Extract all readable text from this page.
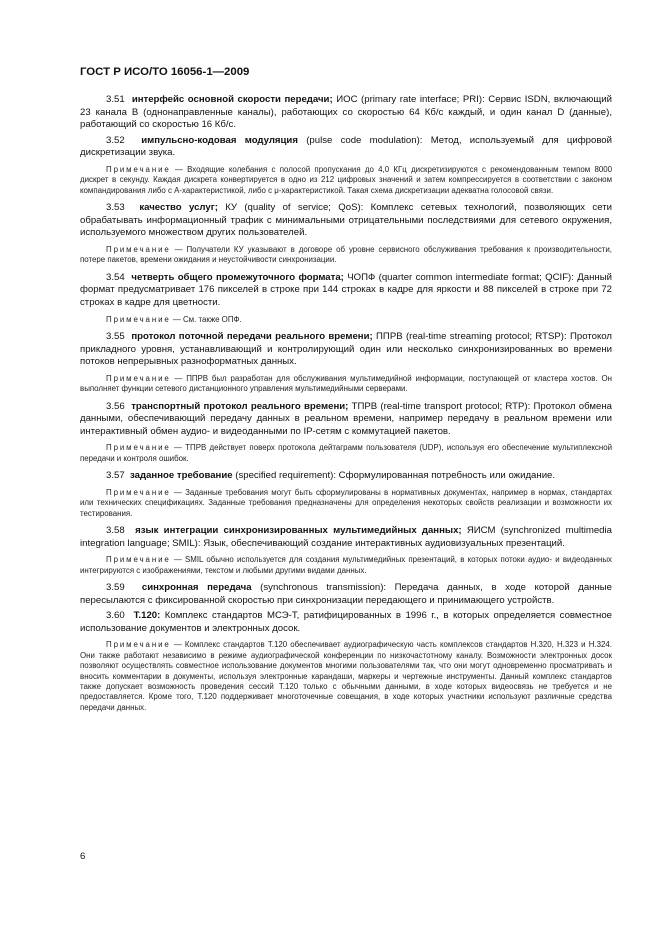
ГОСТ Р ИСО/ТО 16056-1—2009

3.51 интерфейс основной скорости передачи; ИОС (primary rate interface; PRI): Сервис ISDN, включающий 23 канала B (однонаправленные каналы), работающих со скоростью 64 Кб/с каждый, и один канал D (данные), работающий со скоростью 16 Кб/с.

3.52 импульсно-кодовая модуляция (pulse code modulation): Метод, используемый для цифровой дискретизации звука.

Примечание — Входящие колебания с полосой пропускания до 4,0 КГц дискретизируются с рекомендованным темпом 8000 дискрет в секунду. Каждая дискрета конвертируется в одно из 212 цифровых значений и затем компрессируется в соответствии с законом компандирования либо с A-характеристикой, либо с μ-характеристикой. Такая схема дискретизации адекватна голосовой связи.

3.53 качество услуг; КУ (quality of service; QoS): Комплекс сетевых технологий, позволяющих сети обрабатывать информационный трафик с минимальными отрицательными последствиями для сетевого окружения, используемого множеством других пользователей.

Примечание — Получатели КУ указывают в договоре об уровне сервисного обслуживания требования к производительности, потере пакетов, времени ожидания и неустойчивости синхронизации.

3.54 четверть общего промежуточного формата; ЧОПФ (quarter common intermediate format; QCIF): Данный формат предусматривает 176 пикселей в строке при 144 строках в кадре для яркости и 88 пикселей в строке при 72 строках в кадре для цветности.

Примечание — См. также ОПФ.

3.55 протокол поточной передачи реального времени; ППРВ (real-time streaming protocol; RTSP): Протокол прикладного уровня, устанавливающий и контролирующий один или несколько синхронизированных во времени потоков непрерывных разноформатных данных.

Примечание — ППРВ был разработан для обслуживания мультимедийной информации, поступающей от кластера хостов. Он выполняет функции сетевого дистанционного управления мультимедийными серверами.

3.56 транспортный протокол реального времени; ТПРВ (real-time transport protocol; RTP): Протокол обмена данными, обеспечивающий передачу данных в реальном времени, например передачу в реальном времени или интерактивный обмен аудио- и видеоданными по IP-сетям с коммутацией пакетов.

Примечание — ТПРВ действует поверх протокола дейтаграмм пользователя (UDP), используя его обеспечение мультиплексной передачи и контроля ошибок.

3.57 заданное требование (specified requirement): Сформулированная потребность или ожидание.

Примечание — Заданные требования могут быть сформулированы в нормативных документах, например в нормах, стандартах или технических спецификациях. Заданные требования предназначены для определения некоторых свойств реализации и возможности их тестирования.

3.58 язык интеграции синхронизированных мультимедийных данных; ЯИСМ (synchronized multimedia integration language; SMIL): Язык, обеспечивающий создание интерактивных аудиовизуальных презентаций.

Примечание — SMIL обычно используется для создания мультимедийных презентаций, в которых потоки аудио- и видеоданных интегрируются с изображениями, текстом и любыми другими видами данных.

3.59 синхронная передача (synchronous transmission): Передача данных, в ходе которой данные пересылаются с фиксированной скоростью при синхронизации передающего и принимающего устройств.

3.60 T.120: Комплекс стандартов МСЭ-Т, ратифицированных в 1996 г., в которых определяется совместное использование документов и электронных досок.

Примечание — Комплекс стандартов T.120 обеспечивает аудиографическую часть комплексов стандартов H.320, H.323 и H.324. Они также работают независимо в режиме аудиографической конференции по низкочастотному каналу. Возможности электронных досок позволяют осуществлять совместное использование документов многими пользователями так, что они могут одновременно просматривать и вносить комментарии в документы, используя электронные карандаши, маркеры и чертежные инструменты. Данный комплекс стандартов также допускает возможность проведения сессий T.120 только с обычными данными, в ходе которых видеосвязь не требуется и не предоставляется. Кроме того, T.120 поддерживает многоточечные совещания, в ходе которых участники используют различные средства передачи данных.

6
